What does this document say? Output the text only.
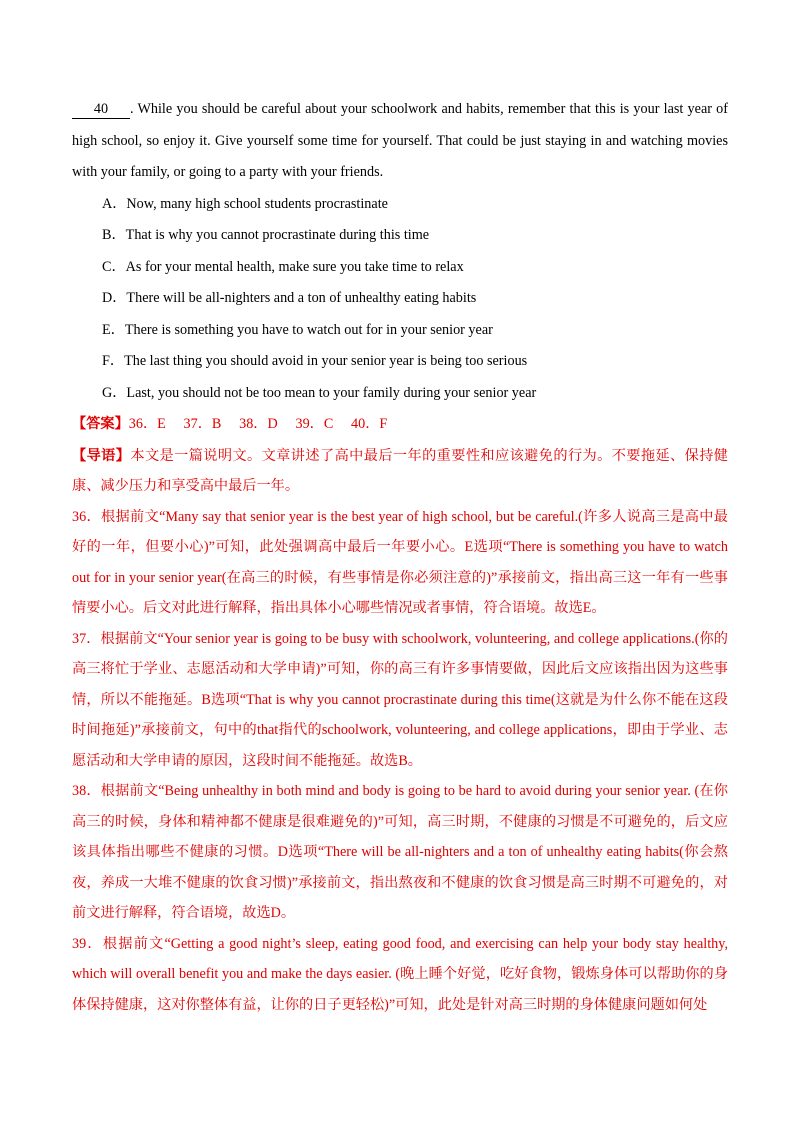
40 . While you should be careful about your schoolwork and habits, remember that this is your last year of high school, so enjoy it. Give yourself some time for yourself. That could be just staying in and watching movies with your family, or going to a party with your friends.

A．Now, many high school students procrastinate

B．That is why you cannot procrastinate during this time

C．As for your mental health, make sure you take time to relax

D．There will be all-nighters and a ton of unhealthy eating habits

E．There is something you have to watch out for in your senior year

F．The last thing you should avoid in your senior year is being too serious

G．Last, you should not be too mean to your family during your senior year

【答案】36．E　 37．B　 38．D　 39．C　 40．F

【导语】本文是一篇说明文。文章讲述了高中最后一年的重要性和应该避免的行为。不要拖延、保持健康、减少压力和享受高中最后一年。

36．根据前文“Many say that senior year is the best year of high school, but be careful.(许多人说高三是高中最好的一年，但要小心)”可知，此处强调高中最后一年要小心。E选项“There is something you have to watch out for in your senior year(在高三的时候，有些事情是你必须注意的)”承接前文，指出高三这一年有一些事情要小心。后文对此进行解释，指出具体小心哪些情况或者事情，符合语境。故选E。

37．根据前文“Your senior year is going to be busy with schoolwork, volunteering, and college applications.(你的高三将忙于学业、志愿活动和大学申请)”可知，你的高三有许多事情要做，因此后文应该指出因为这些事情，所以不能拖延。B选项“That is why you cannot procrastinate during this time(这就是为什么你不能在这段时间拖延)”承接前文，句中的that指代的schoolwork, volunteering, and college applications，即由于学业、志愿活动和大学申请的原因，这段时间不能拖延。故选B。

38．根据前文“Being unhealthy in both mind and body is going to be hard to avoid during your senior year. (在你高三的时候，身体和精神都不健康是很难避免的)”可知，高三时期，不健康的习惯是不可避免的，后文应该具体指出哪些不健康的习惯。D选项“There will be all-nighters and a ton of unhealthy eating habits(你会熬夜，养成一大堆不健康的饮食习惯)”承接前文，指出熬夜和不健康的饮食习惯是高三时期不可避免的，对前文进行解释，符合语境，故选D。

39．根据前文“Getting a good night’s sleep, eating good food, and exercising can help your body stay healthy, which will overall benefit you and make the days easier. (晚上睡个好觉，吃好食物，锻炼身体可以帮助你的身体保持健康，这对你整体有益，让你的日子更轻松)”可知，此处是针对高三时期的身体健康问题如何处
